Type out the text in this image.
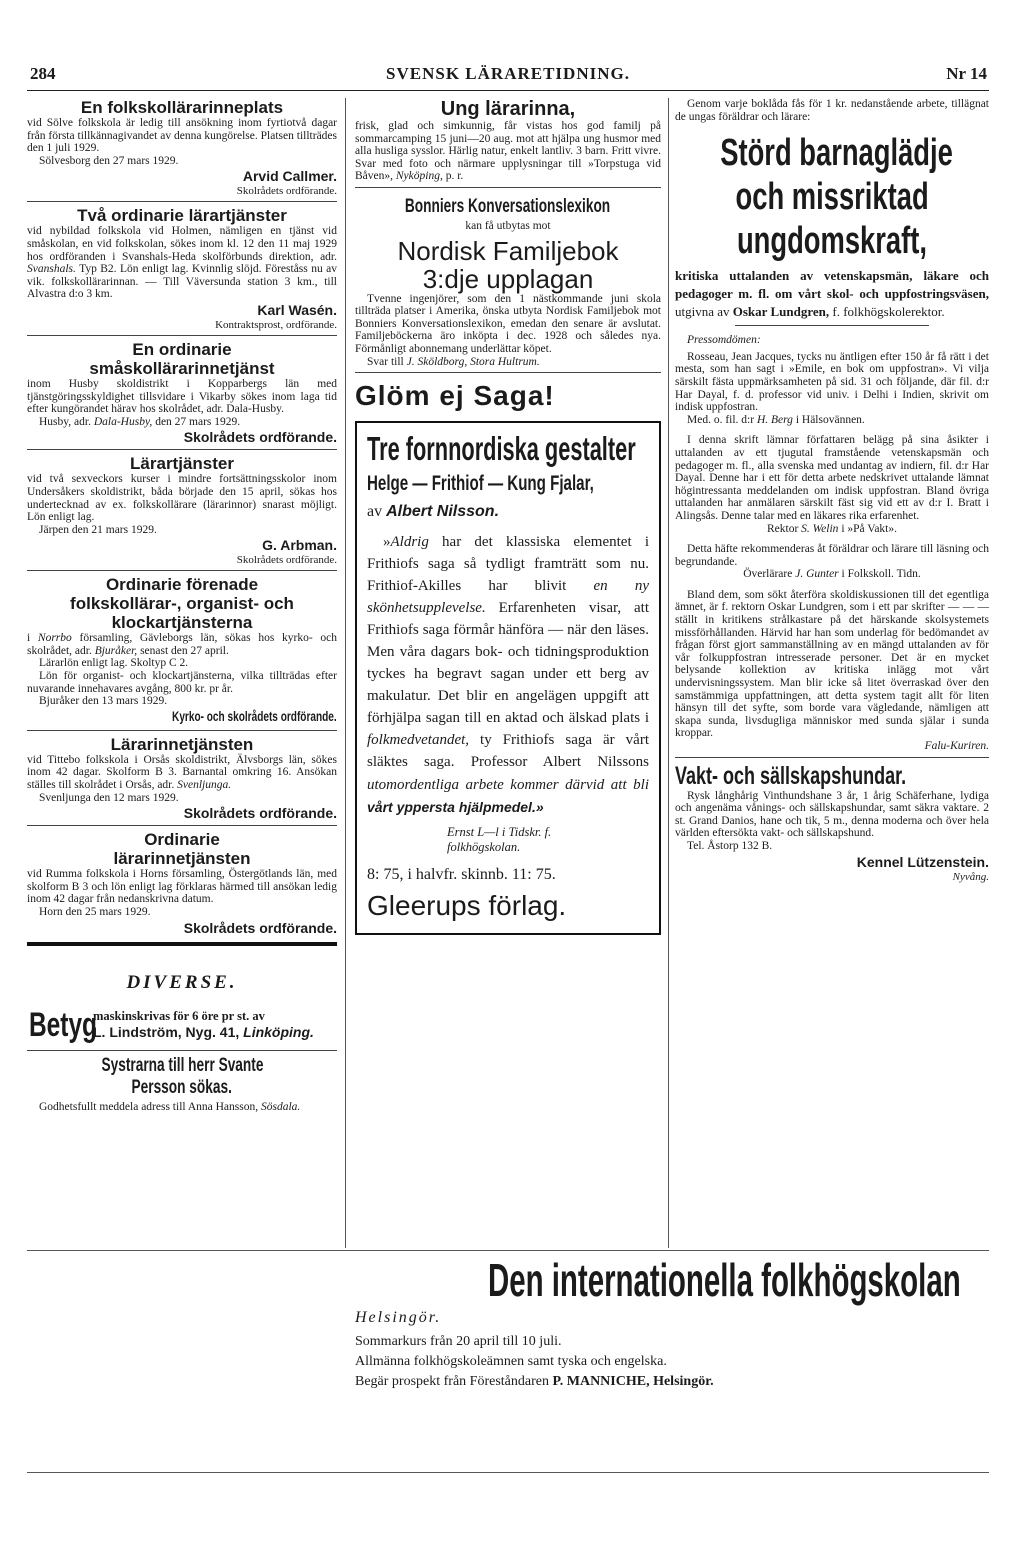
284	SVENSK LÄRARETIDNING.	Nr 14
En folkskollärarinneplats

vid Sölve folkskola är ledig till ansökning inom fyrtiotvå dagar från första tillkännagivandet av denna kungörelse. Platsen tillträdes den 1 juli 1929.

Sölvesborg den 27 mars 1929.

Arvid Callmer.
Skolrådets ordförande.
Två ordinarie lärartjänster

vid nybildad folkskola vid Holmen, nämligen en tjänst vid småskolan, en vid folkskolan, sökes inom kl. 12 den 11 maj 1929 hos ordföranden i Svanshals-Heda skolförbunds direktion, adr. Svanshals. Typ B2. Lön enligt lag. Kvinnlig slöjd. Föreståss nu av vik. folkskollärarinnan. — Till Väversunda station 3 km., till Alvastra d:o 3 km.

Karl Wasén.
Kontraktsprost, ordförande.
En ordinarie
småskollärarinnetjänst

inom Husby skoldistrikt i Kopparbergs län med tjänstgöringsskyldighet tillsvidare i Vikarby sökes inom laga tid efter kungörandet härav hos skolrådet, adr. Dala-Husby.

Husby, adr. Dala-Husby, den 27 mars 1929.

Skolrådets ordförande.
Lärartjänster

vid två sexveckors kurser i mindre fortsättningsskolor inom Undersåkers skoldistrikt, båda började den 15 april, sökas hos undertecknad av ex. folkskollärare (lärarinnor) snarast möjligt. Lön enligt lag.

Järpen den 21 mars 1929.

G. Arbman.
Skolrådets ordförande.
Ordinarie förenade
folkskollärar-, organist- och
klockartjänsterna

i Norrbo församling, Gävleborgs län, sökas hos kyrko- och skolrådet, adr. Bjuråker, senast den 27 april.

Lärarlön enligt lag. Skoltyp C 2.

Lön för organist- och klockartjänsterna, vilka tillträdas efter nuvarande innehavares avgång, 800 kr. pr år.

Bjuråker den 13 mars 1929.

Kyrko- och skolrådets ordförande.
Lärarinnetjänsten

vid Tittebo folkskola i Orsås skoldistrikt, Älvsborgs län, sökes inom 42 dagar. Skolform B 3. Barnantal omkring 16. Ansökan ställes till skolrådet i Orsås, adr. Svenljunga.

Svenljunga den 12 mars 1929.

Skolrådets ordförande.
Ordinarie
lärarinnetjänsten

vid Rumma folkskola i Horns församling, Östergötlands län, med skolform B 3 och lön enligt lag förklaras härmed till ansökan ledig inom 42 dagar från nedanskrivna datum.

Horn den 25 mars 1929.

Skolrådets ordförande.
DIVERSE.
Betyg
maskinskrivas för 6 öre pr st. av
L. Lindström, Nyg. 41, Linköping.
Systrarna till herr Svante
Persson sökas.

Godhetsfullt meddela adress till Anna Hansson, Sösdala.

Ung lärarinna,

frisk, glad och simkunnig, får vistas hos god familj på sommarcamping 15 juni—20 aug. mot att hjälpa ung husmor med alla husliga sysslor. Härlig natur, enkelt lantliv. 3 barn. Fritt vivre. Svar med foto och närmare upplysningar till »Torpstuga vid Båven», Nyköping, p. r.

Bonniers Konversationslexikon

kan få utbytas mot

Nordisk Familjebok
3:dje upplagan

Tvenne ingenjörer, som den 1 nästkommande juni skola tillträda platser i Amerika, önska utbyta Nordisk Familjebok mot Bonniers Konversationslexikon, emedan den senare är avslutat. Familjeböckerna äro inköpta i dec. 1928 och således nya. Förmånligt abonnemang underlättar köpet.

Svar till J. Sköldborg, Stora Hultrum.

Glöm ej Saga!
Tre fornnordiska gestalter
Helge — Frithiof — Kung Fjalar,
av Albert Nilsson.

»Aldrig har det klassiska elementet i Frithiofs saga så tydligt framträtt som nu. Frithiof-Akilles har blivit en ny skönhetsupplevelse. Erfarenheten visar, att Frithiofs saga förmår hänföra — när den läses. Men våra dagars bok- och tidningsproduktion tyckes ha begravt sagan under ett berg av makulatur. Det blir en angelägen uppgift att förhjälpa sagan till en aktad och älskad plats i folkmedvetandet, ty Frithiofs saga är vårt släktes saga. Professor Albert Nilssons utomordentliga arbete kommer därvid att bli vårt yppersta hjälpmedel.»

Ernst L—l i Tidskr. f. folkhögskolan.
8: 75, i halvfr. skinnb. 11: 75.
Gleerups förlag.

Genom varje boklåda fås för 1 kr. nedanstående arbete, tillägnat de ungas föräldrar och lärare:

Störd barnaglädje
och missriktad
ungdomskraft,

kritiska uttalanden av vetenskapsmän, läkare och pedagoger m. fl. om vårt skol- och uppfostringsväsen, utgivna av Oskar Lundgren, f. folkhögskolerektor.

Pressomdömen:

Rosseau, Jean Jacques, tycks nu äntligen efter 150 år få rätt i det mesta, som han sagt i »Emile, en bok om uppfostran». Vi vilja särskilt fästa uppmärksamheten på sid. 31 och följande, där fil. d:r Har Dayal, f. d. professor vid univ. i Delhi i Indien, skrivit om indisk uppfostran.

Med. o. fil. d:r H. Berg i Hälsovännen.

I denna skrift lämnar författaren belägg på sina åsikter i uttalanden av ett tjugutal framstående vetenskapsmän och pedagoger m. fl., alla svenska med undantag av indiern, fil. d:r Har Dayal. Denne har i ett för detta arbete nedskrivet uttalande lämnat högintressanta meddelanden om indisk uppfostran. Bland övriga uttalanden har anmälaren särskilt fäst sig vid ett av d:r I. Bratt i Alingsås. Denne talar med en läkares rika erfarenhet.

Rektor S. Welin i »På Vakt».

Detta häfte rekommenderas åt föräldrar och lärare till läsning och begrundande.

Överlärare J. Gunter i Folkskoll. Tidn.

Bland dem, som sökt återföra skoldiskussionen till det egentliga ämnet, är f. rektorn Oskar Lundgren, som i ett par skrifter — — — ställt in kritikens strålkastare på det härskande skolsystemets missförhållanden. Härvid har han som underlag för bedömandet av frågan först gjort sammanställning av en mängd uttalanden av för vår folkuppfostran intresserade personer. Det är en mycket belysande kollektion av kritiska inlägg mot vårt undervisningssystem. Man blir icke så litet överraskad över den samstämmiga uppfattningen, att detta system tagit allt för liten hänsyn till det syfte, som borde vara vägledande, nämligen att skapa sunda, livsdugliga människor med sunda själar i sunda kroppar.

Falu-Kuriren.

Vakt- och sällskapshundar.

Rysk långhårig Vinthundshane 3 år, 1 årig Schäferhane, lydiga och angenäma vånings- och sällskapshundar, samt säkra vaktare. 2 st. Grand Danios, hane och tik, 5 m., denna moderna och över hela världen eftersökta vakt- och sällskapshund.

Tel. Åstorp 132 B.

Kennel Lützenstein.
Nyvång.
Den internationella folkhögskolan
Helsingör.
Sommarkurs från 20 april till 10 juli.
Allmänna folkhögskoleämnen samt tyska och engelska.
Begär prospekt från Föreståndaren P. MANNICHE, Helsingör.
